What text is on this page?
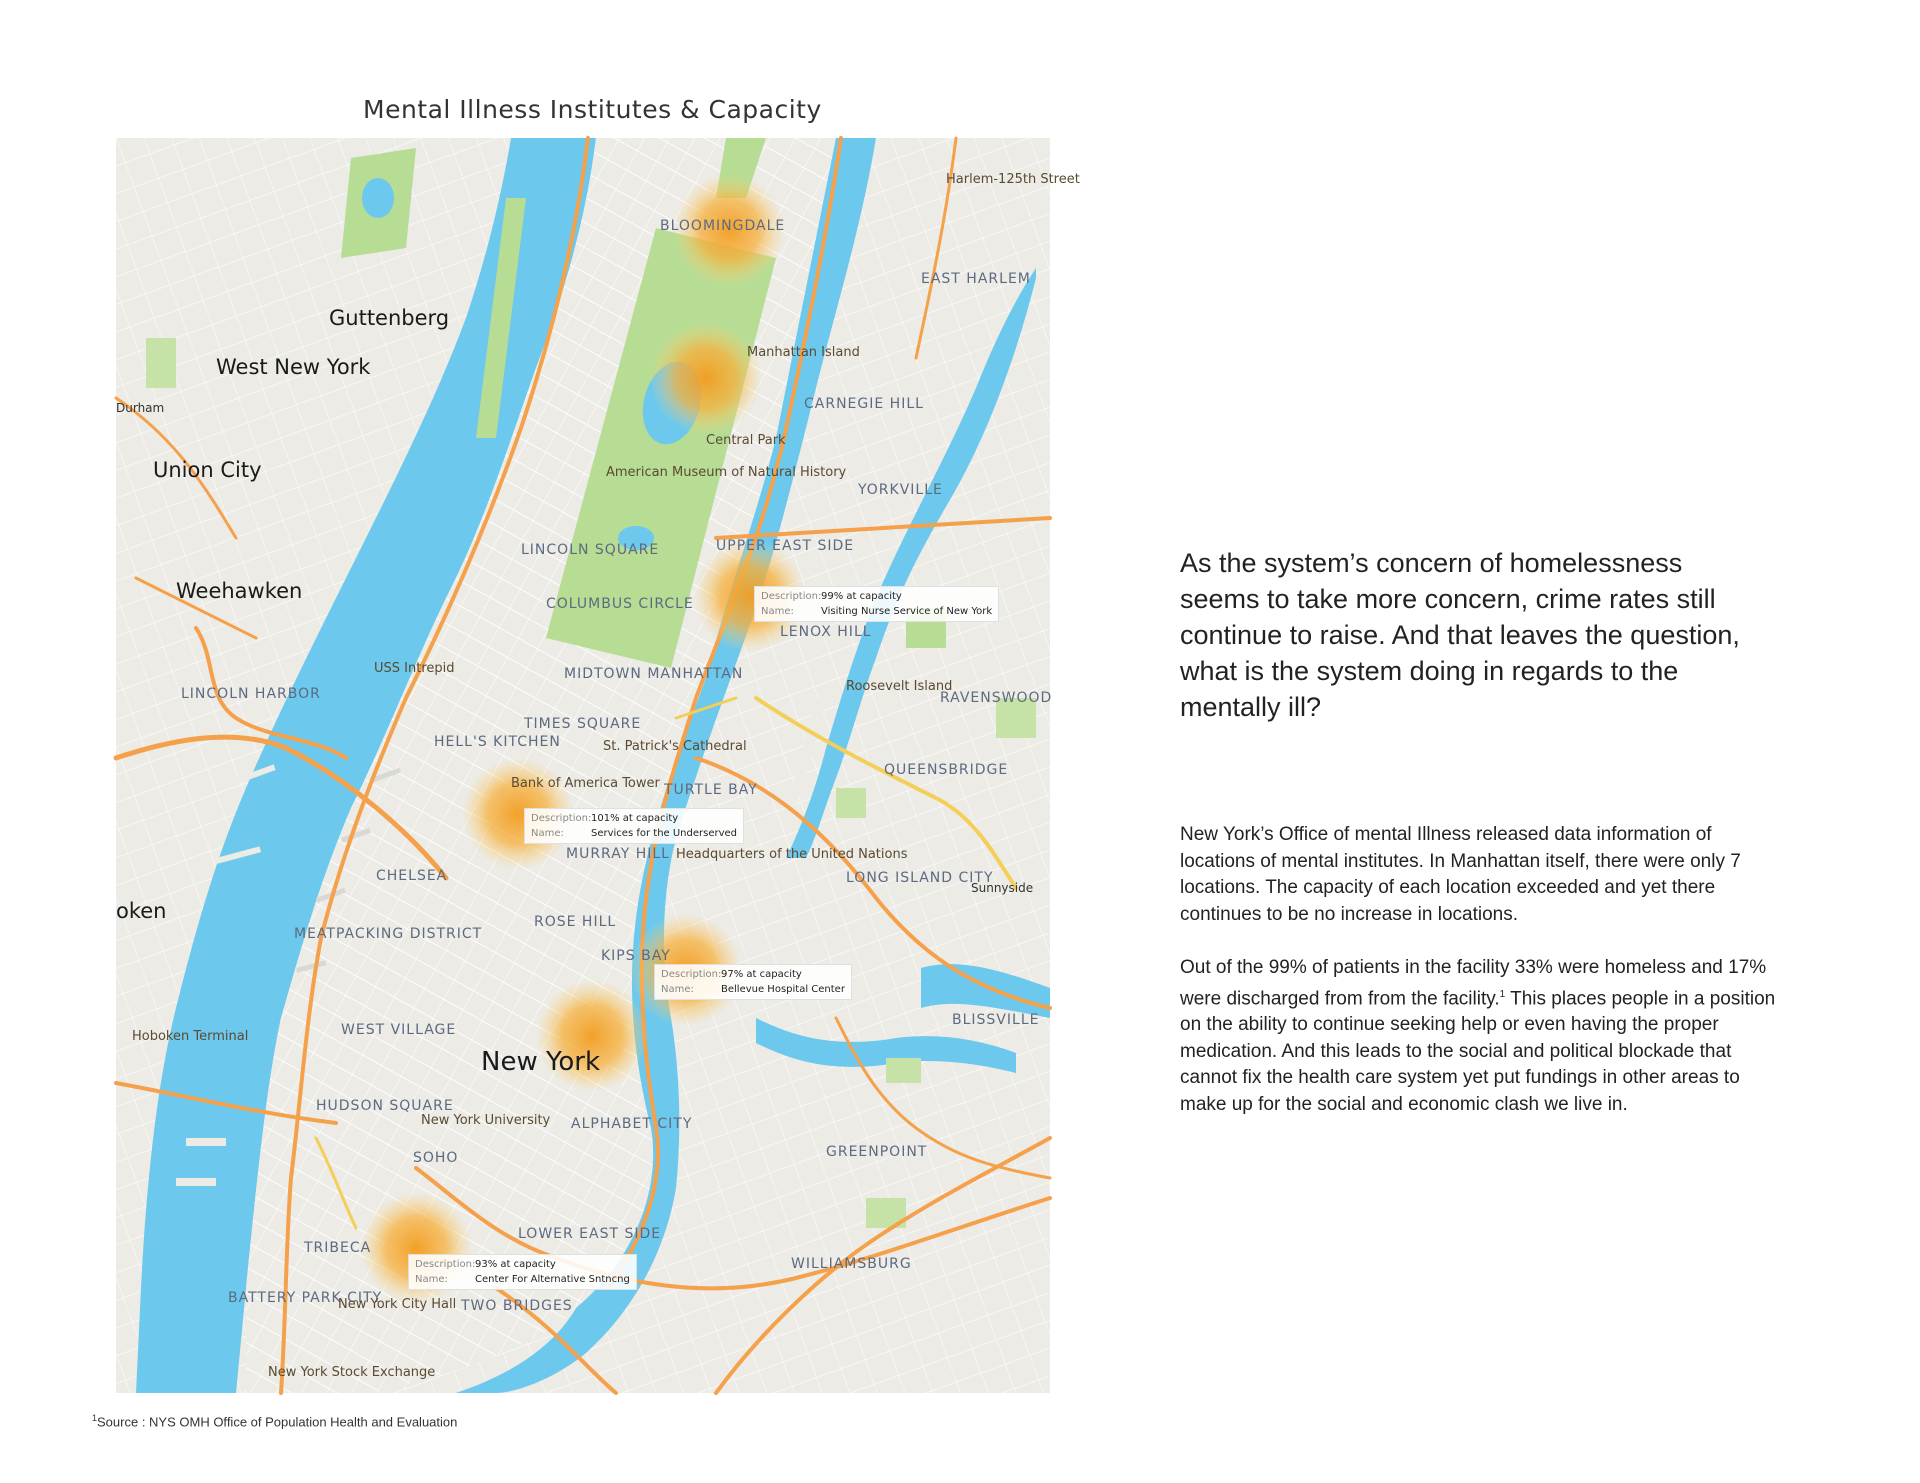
Mental Illness Institutes & Capacity
Guttenberg
West New York
Union City
Weehawken
Durham
oken
LINCOLN HARBOR
BLOOMINGDALE
Manhattan Island
Central Park
CARNEGIE HILL
EAST HARLEM
Harlem-125th Street
YORKVILLE
UPPER EAST SIDE
LENOX HILL
LINCOLN SQUARE
COLUMBUS CIRCLE
MIDTOWN MANHATTAN
TIMES SQUARE
HELL'S KITCHEN
USS Intrepid
St. Patrick's Cathedral
TURTLE BAY
Roosevelt Island
RAVENSWOOD
QUEENSBRIDGE
Bank of America Tower
CHELSEA
MURRAY HILL Headquarters of the United Nations
LONG ISLAND CITY
Sunnyside
ROSE HILL
MEATPACKING DISTRICT
KIPS BAY
BLISSVILLE
WEST VILLAGE
Hoboken Terminal
New York
HUDSON SQUARE
New York University ALPHABET CITY
SOHO	GREENPOINT
TRIBECA
LOWER EAST SIDE
WILLIAMSBURG
BATTERY PARK CITY
New York City Hall TWO BRIDGES
New York Stock Exchange
American Museum of Natural History
Description:99% at capacity
Name:	Visiting Nurse Service of New York
Description:101% at capacity
Name:	Services for the Underserved
Description:97% at capacity
Name:	Bellevue Hospital Center
Description:93% at capacity
Name:	Center For Alternative Sntncng

As the system’s concern of homelessness seems to take more concern, crime rates still continue to raise. And that leaves the question, what is the system doing in regards to the mentally ill?

New York’s Office of mental Illness released data information of locations of mental institutes. In Manhattan itself, there were only 7 locations. The capacity of each location exceeded and yet there continues to be no increase in locations.

Out of the 99% of patients in the facility 33% were homeless and 17% were discharged from from the facility.$^1$ This places people in a position on the ability to continue seeking help or even having the proper medication. And this leads to the social and political blockade that cannot fix the health care system yet put fundings in other areas to make up for the social and economic clash we live in.

$^1$Source : NYS OMH Office of Population Health and Evaluation
